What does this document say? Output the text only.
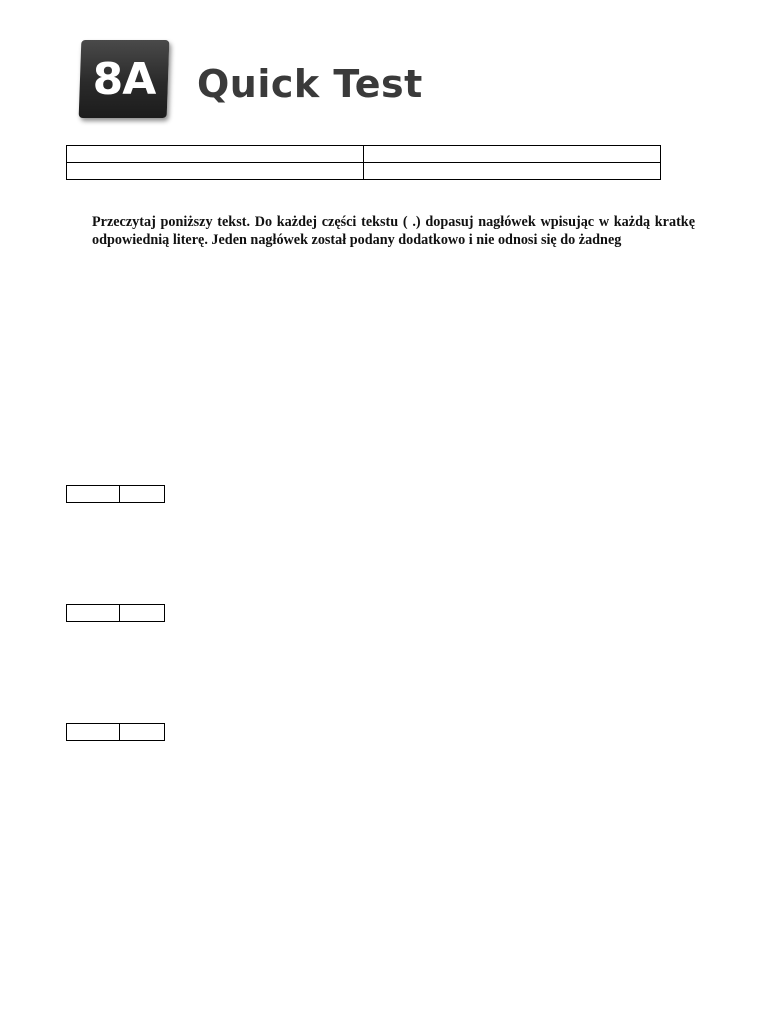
8A Quick Test

Przeczytaj poniższy tekst. Do każdej części tekstu ( .) dopasuj nagłówek wpisując w każdą kratkę odpowiednią literę. Jeden nagłówek został podany dodatkowo i nie odnosi się do żadneg
